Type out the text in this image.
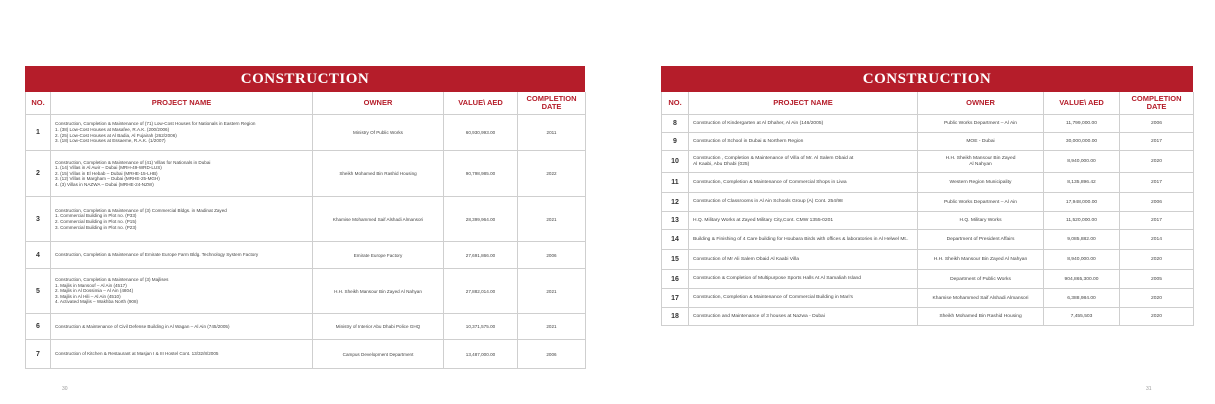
CONSTRUCTION
NO.	PROJECT NAME	OWNER	VALUE\ AED	COMPLETION
DATE
1	Construction, Completion & Maintenance of (71) Low-Cost Houses for Nationals in Eastern Region
1. (38) Low-Cost Houses at Masafee, R.A.K. (200/2006)
2. (25) Low-Cost Houses at Al Badia, Al Fujairah (262/2006)
3. (18) Low-Cost Houses at Essaeme, R.A.K. (1/2007)	Ministry Of Public Works	60,930,993.00	2011
2	Construction, Completion & Maintenance of (41) Villas for Nationals in Dubai
1. (14) Villas in Al Awir – Dubai (MRH-49-WRD-LUS)
2. (15) Villas in El Hebab – Dubai (MRHE-15-LHB)
3. (12) Villas in Margham – Dubai (MRHE-25-MGH)
4. (3) Villas in NAZWA – Dubai (MRHE-24-NZW)	Sheikh Mohamed Bin Rashid Housing	90,798,985.00	2022
3	Construction, Completion & Maintenance of (3) Commercial Bldgs. in Madinat Zayed
1. Commercial Building in Plot no. (P33)
2. Commercial Building in Plot no. (P15)
3. Commercial Building in Plot no. (P23)	Khamise Mohammed Saif Alshadi Almansori	28,399,964.00	2021
4	Construction, Completion & Maintenance of Emirate Europe Farm Bldg. Technology System Factory	Emirate Europe Factory	27,691,866.00	2006
5	Construction, Completion & Maintenance of (3) Majlises
1. Majlis in Mansoof – Al Ain (4517)
2. Majlis in Al Dossimia – Al Ain (4804)
3. Majlis in Al Hili – Al Ain (4510)
4. Activated Majlis – Wakhba North (908)	H.H. Sheikh Mansour Bin Zayed Al Nahyan	27,882,014.00	2021
6	Construction & Maintenance of Civil Defense Building in Al Wagan – Al Ain (745/2005)	Ministry of Interior Abu Dhabi Police GHQ	10,371,575.00	2021
7	Construction of Kitchen & Restaurant at Masjan I & III Hostel Cont. 13/32/8/2005	Campus Development Department	13,487,000.00	2006
CONSTRUCTION
NO.	PROJECT NAME	OWNER	VALUE\ AED	COMPLETION
DATE
8	Construction of Kindergarten at Al Dhaher, Al Ain (146/2005)	Public Works Department – Al Ain	11,799,000.00	2006
9	Construction of School in Dubai & Northern Region	MOE - Dubai	30,000,000.00	2017
10	Construction , Completion & Maintenance of Villa of Mr. Al Salem Obaid at
Al Kaabi, Abu Dhabi (025)	H.H. Sheikh Mansour Bin Zayed
Al Nahyan	8,940,000.00	2020
11	Construction, Completion & Maintenance of Commercial Shops in Liwa	Western Region Municipality	8,135,896.42	2017
12	Construction of Classrooms in Al Ain Schools Group (A) Cont. 254/98	Public Works Department – Al Ain	17,948,000.00	2006
13	H.Q. Military Works at Zayed Military City,Cont. CMW 1355-0201	H.Q. Military Works	11,520,000.00	2017
14	Building & Finishing of 4 Care building for Houbara Birds with offices & laboratories in Al Helwel Mt..	Department of President Affairs	9,085,882.00	2014
15	Construction of Mr Ali Salem Obaid Al Kaabi Villa	H.H. Sheikh Mansour Bin Zayed Al Nahyan	8,940,000.00	2020
16	Construction & Completion of Multipurpose Sports Halls At Al Samaliah Island	Department of Public Works	904,865,300.00	2005
17	Construction, Completion & Maintenance of Commercial Building in Mari's	Khamise Mohammed Saif Alshadi Almansori	6,388,984.00	2020
18	Construction and Maintenance of 3 houses at Nazwa - Dubai	Sheikh Mohamed Bin Rashid Housing	7,455,503	2020
30	31
